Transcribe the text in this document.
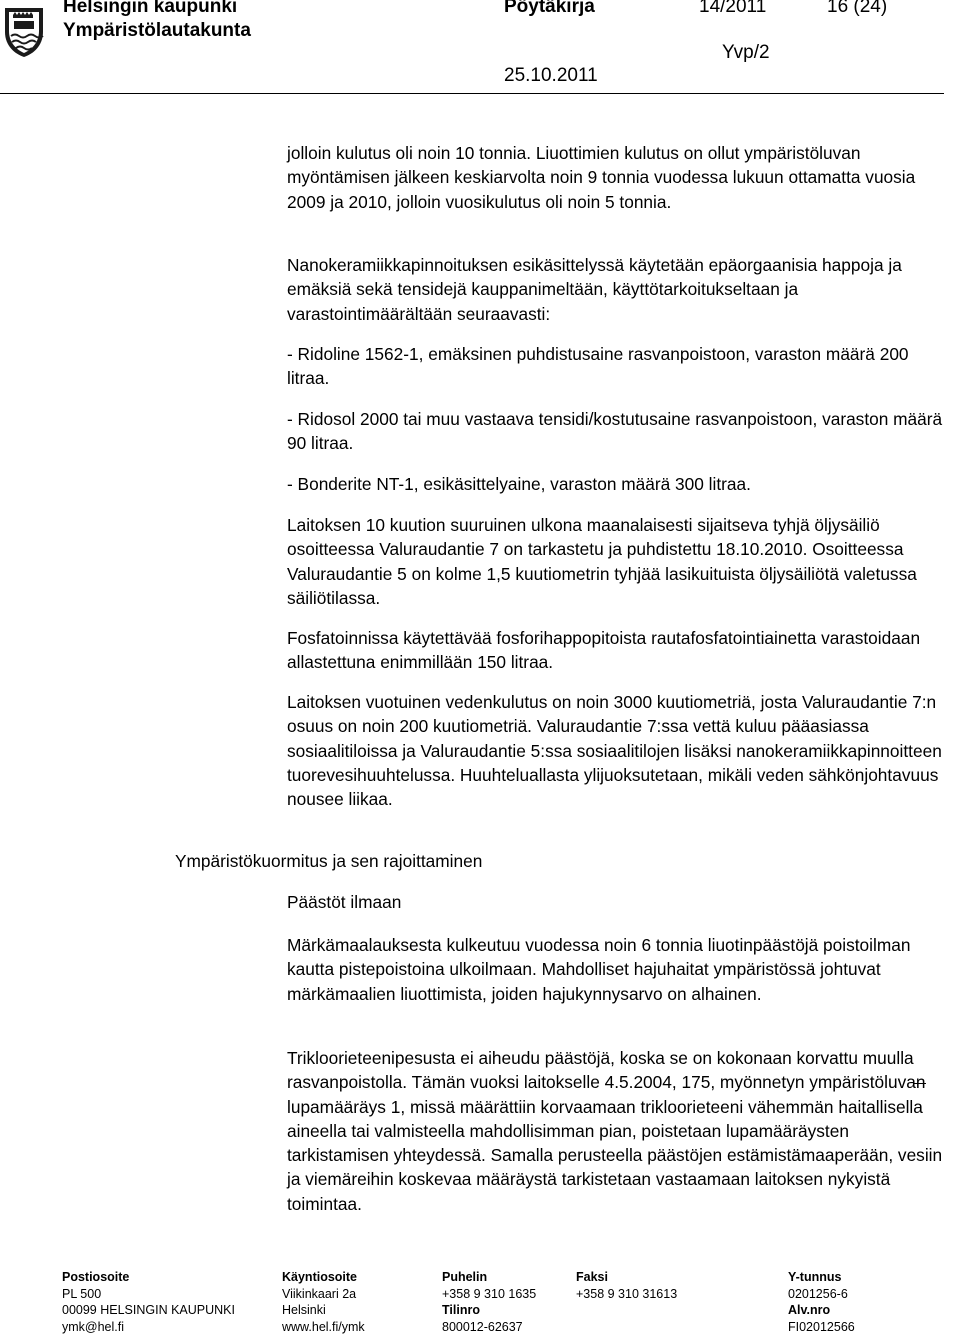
Helsingin kaupunki
Ympäristölautakunta
Pöytäkirja	14/2011	16 (24)
Yvp/2
25.10.2011

jolloin kulutus oli noin 10 tonnia. Liuottimien kulutus on ollut ympäristöluvan myöntämisen jälkeen keskiarvolta noin 9 tonnia vuodessa lukuun ottamatta vuosia 2009 ja 2010, jolloin vuosikulutus oli noin 5 tonnia.

Nanokeramiikkapinnoituksen esikäsittelyssä käytetään epäorgaanisia happoja ja emäksiä sekä tensidejä kauppanimeltään, käyttötarkoitukseltaan ja varastointimäärältään seuraavasti:

- Ridoline 1562-1, emäksinen puhdistusaine rasvanpoistoon, varaston määrä 200 litraa.

- Ridosol 2000 tai muu vastaava tensidi/kostutusaine rasvanpoistoon, varaston määrä 90 litraa.

- Bonderite NT-1, esikäsittelyaine, varaston määrä 300 litraa.

Laitoksen 10 kuution suuruinen ulkona maanalaisesti sijaitseva tyhjä öljysäiliö osoitteessa Valuraudantie 7 on tarkastetu ja puhdistettu 18.10.2010. Osoitteessa Valuraudantie 5 on kolme 1,5 kuutiometrin tyhjää lasikuituista öljysäiliötä valetussa säiliötilassa.

Fosfatoinnissa käytettävää fosforihappopitoista rautafosfatointiainetta varastoidaan allastettuna enimmillään 150 litraa.

Laitoksen vuotuinen vedenkulutus on noin 3000 kuutiometriä, josta Valuraudantie 7:n osuus on noin 200 kuutiometriä. Valuraudantie 7:ssa vettä kuluu pääasiassa sosiaalitiloissa ja Valuraudantie 5:ssa sosiaalitilojen lisäksi nanokeramiikkapinnoitteen tuorevesihuuhtelussa. Huuhteluallasta ylijuoksutetaan, mikäli veden sähkönjohtavuus nousee liikaa.

Ympäristökuormitus ja sen rajoittaminen
Päästöt ilmaan

Märkämaalauksesta kulkeutuu vuodessa noin 6 tonnia liuotinpäästöjä poistoilman kautta pistepoistoina ulkoilmaan. Mahdolliset hajuhaitat ympäristössä johtuvat märkämaalien liuottimista, joiden hajukynnysarvo on alhainen.

Trikloorieteenipesusta ei aiheudu päästöjä, koska se on kokonaan korvattu muulla rasvanpoistolla. Tämän vuoksi laitokselle 4.5.2004, 175, myönnetyn ympäristöluvan lupamääräys 1, missä määrättiin korvaamaan trikloorieteeni vähemmän haitallisella aineella tai valmisteella mahdollisimman pian, poistetaan lupamääräysten tarkistamisen yhteydessä. Samalla perusteella päästöjen estämistämaaperään, vesiin ja viemäreihin koskevaa määräystä tarkistetaan vastaamaan laitoksen nykyistä toimintaa.

Postiosoite
PL 500
00099 HELSINGIN KAUPUNKI
ymk@hel.fi
Käyntiosoite
Viikinkaari 2a
Helsinki
www.hel.fi/ymk
Puhelin
+358 9 310 1635
Tilinro
800012-62637
Faksi
+358 9 310 31613
Y-tunnus
0201256-6
Alv.nro
FI02012566
